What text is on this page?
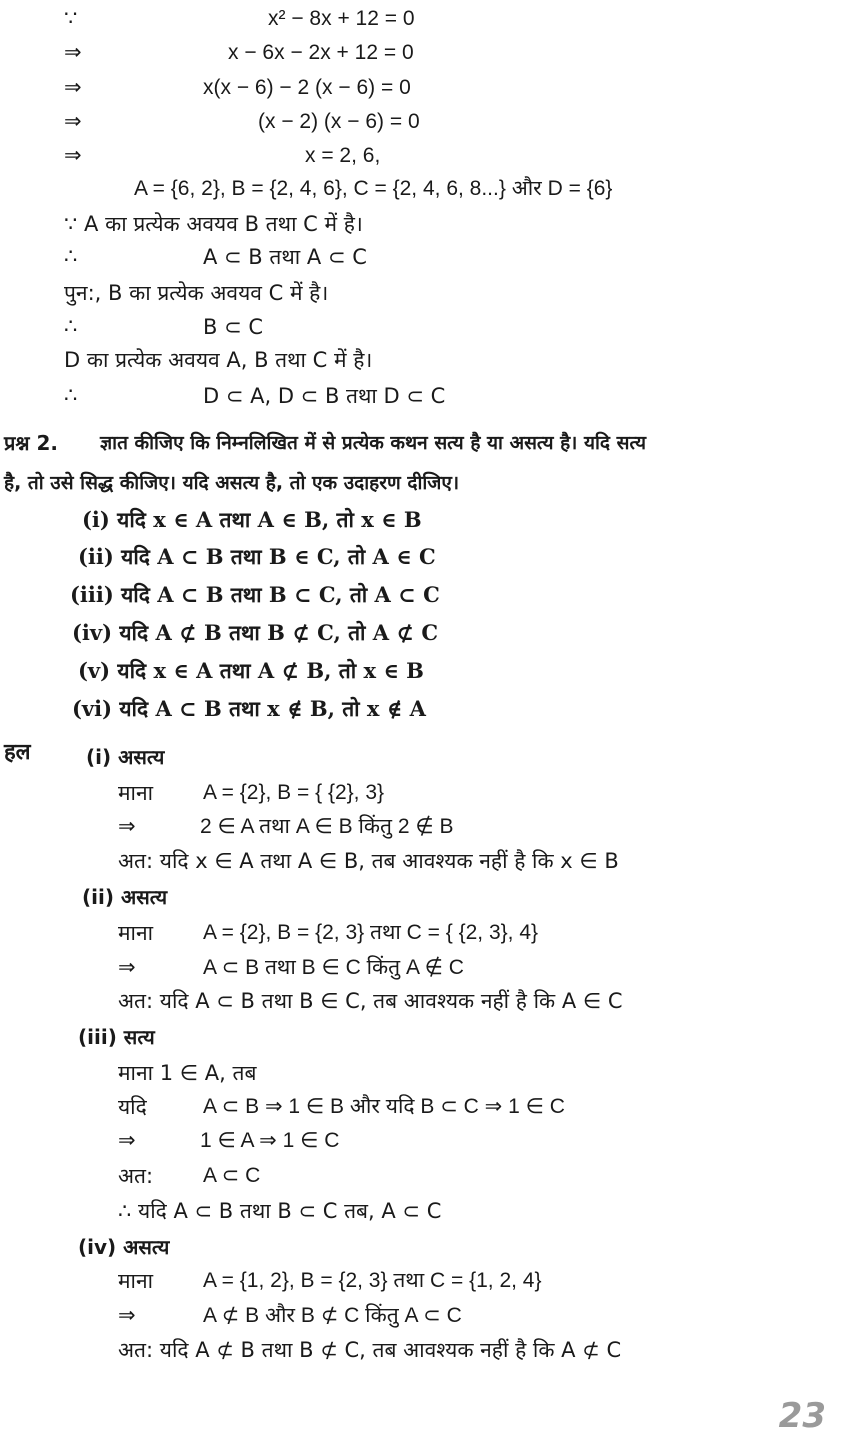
∵	x² − 8x + 12 = 0
⇒	x − 6x − 2x + 12 = 0
⇒	x(x − 6) − 2 (x − 6) = 0
⇒	(x − 2) (x − 6) = 0
⇒	x = 2, 6,
A = {6, 2}, B = {2, 4, 6}, C = {2, 4, 6, 8...} और D = {6}
∵ A का प्रत्येक अवयव B तथा C में है।
∴	A ⊂ B तथा A ⊂ C
पुन:, B का प्रत्येक अवयव C में है।
∴	B ⊂ C
D का प्रत्येक अवयव A, B तथा C में है।
∴	D ⊂ A, D ⊂ B तथा D ⊂ C
प्रश्न 2. ज्ञात कीजिए कि निम्नलिखित में से प्रत्येक कथन सत्य है या असत्य है। यदि सत्य
है, तो उसे सिद्ध कीजिए। यदि असत्य है, तो एक उदाहरण दीजिए।
(i) यदि x ∈ A तथा A ∈ B, तो x ∈ B
(ii) यदि A ⊂ B तथा B ∈ C, तो A ∈ C
(iii) यदि A ⊂ B तथा B ⊂ C, तो A ⊂ C
(iv) यदि A ⊄ B तथा B ⊄ C, तो A ⊄ C
(v) यदि x ∈ A तथा A ⊄ B, तो x ∈ B
(vi) यदि A ⊂ B तथा x ∉ B, तो x ∉ A
हल	(i) असत्य
माना A = {2}, B = { {2}, 3}
⇒	2 ∈ A तथा A ∈ B किंतु 2 ∉ B
अत: यदि x ∈ A तथा A ∈ B, तब आवश्यक नहीं है कि x ∈ B
(ii) असत्य
माना A = {2}, B = {2, 3} तथा C = { {2, 3}, 4}
⇒	A ⊂ B तथा B ∈ C किंतु A ∉ C
अत: यदि A ⊂ B तथा B ∈ C, तब आवश्यक नहीं है कि A ∈ C
(iii) सत्य
माना 1 ∈ A, तब
यदि	A ⊂ B ⇒ 1 ∈ B और यदि B ⊂ C ⇒ 1 ∈ C
⇒	1 ∈ A ⇒ 1 ∈ C
अत: A ⊂ C
∴ यदि A ⊂ B तथा B ⊂ C तब, A ⊂ C
(iv) असत्य
माना A = {1, 2}, B = {2, 3} तथा C = {1, 2, 4}
⇒	A ⊄ B और B ⊄ C किंतु A ⊂ C
अत: यदि A ⊄ B तथा B ⊄ C, तब आवश्यक नहीं है कि A ⊄ C
23
